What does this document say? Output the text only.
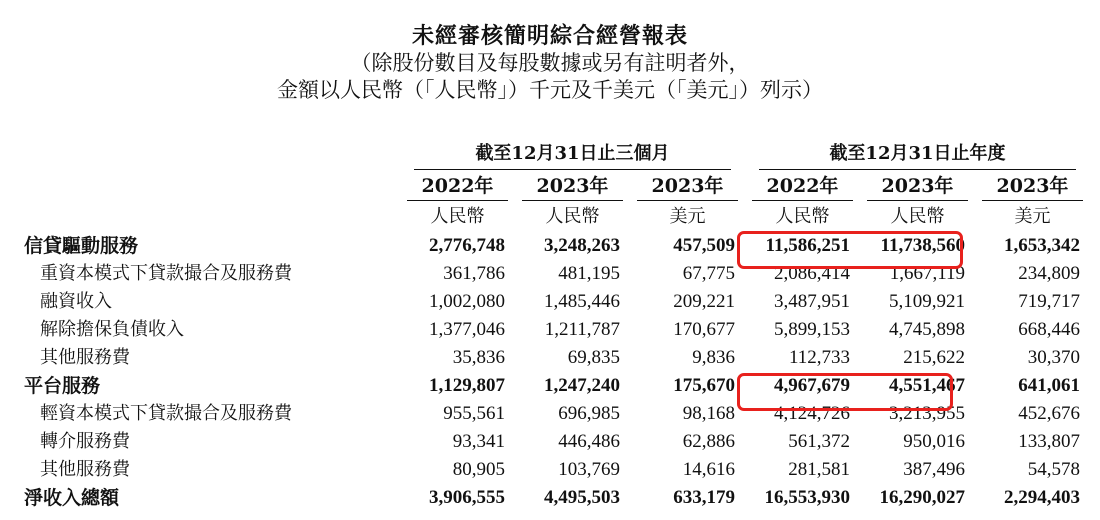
未經審核簡明綜合經營報表
（除股份數目及每股數據或另有註明者外，
金額以人民幣（「人民幣」）千元及千美元（「美元」）列示）
	截至12月31日止三個月			截至12月31日止年度		
	2022年	2023年	2023年	2022年	2023年	2023年
	人民幣	人民幣	美元	人民幣	人民幣	美元
信貸驅動服務	2,776,748	3,248,263	457,509	11,586,251	11,738,560	1,653,342
重資本模式下貸款撮合及服務費	361,786	481,195	67,775	2,086,414	1,667,119	234,809
融資收入	1,002,080	1,485,446	209,221	3,487,951	5,109,921	719,717
解除擔保負債收入	1,377,046	1,211,787	170,677	5,899,153	4,745,898	668,446
其他服務費	35,836	69,835	9,836	112,733	215,622	30,370
平台服務	1,129,807	1,247,240	175,670	4,967,679	4,551,467	641,061
輕資本模式下貸款撮合及服務費	955,561	696,985	98,168	4,124,726	3,213,955	452,676
轉介服務費	93,341	446,486	62,886	561,372	950,016	133,807
其他服務費	80,905	103,769	14,616	281,581	387,496	54,578
淨收入總額	3,906,555	4,495,503	633,179	16,553,930	16,290,027	2,294,403
